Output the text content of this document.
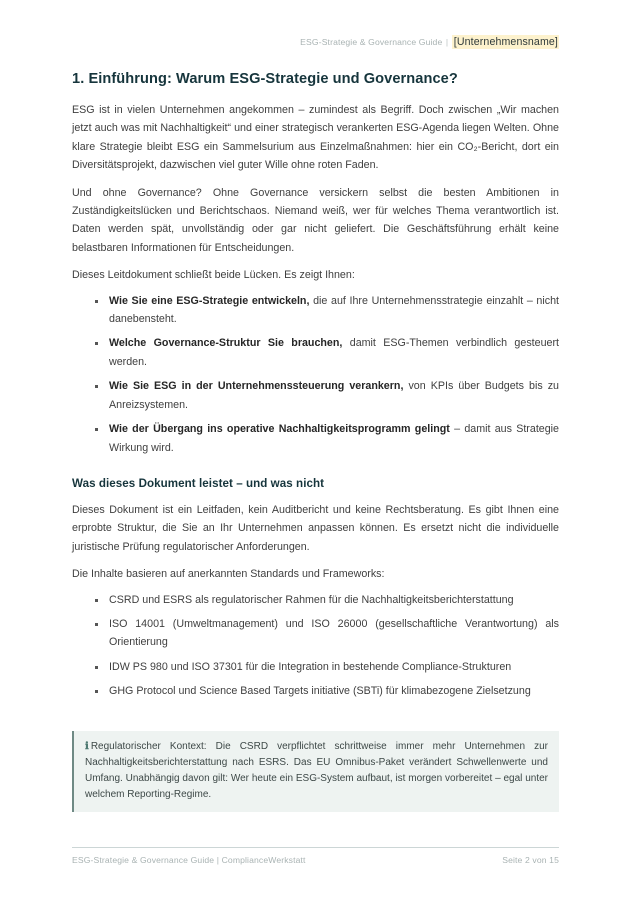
ESG-Strategie & Governance Guide | [Unternehmensname]
1. Einführung: Warum ESG-Strategie und Governance?

ESG ist in vielen Unternehmen angekommen – zumindest als Begriff. Doch zwischen „Wir machen jetzt auch was mit Nachhaltigkeit“ und einer strategisch verankerten ESG-Agenda liegen Welten. Ohne klare Strategie bleibt ESG ein Sammelsurium aus Einzelmaßnahmen: hier ein CO₂-Bericht, dort ein Diversitätsprojekt, dazwischen viel guter Wille ohne roten Faden.

Und ohne Governance? Ohne Governance versickern selbst die besten Ambitionen in Zuständigkeitslücken und Berichtschaos. Niemand weiß, wer für welches Thema verantwortlich ist. Daten werden spät, unvollständig oder gar nicht geliefert. Die Geschäftsführung erhält keine belastbaren Informationen für Entscheidungen.

Dieses Leitdokument schließt beide Lücken. Es zeigt Ihnen:

Wie Sie eine ESG-Strategie entwickeln, die auf Ihre Unternehmensstrategie einzahlt – nicht danebensteht.
Welche Governance-Struktur Sie brauchen, damit ESG-Themen verbindlich gesteuert werden.
Wie Sie ESG in der Unternehmenssteuerung verankern, von KPIs über Budgets bis zu Anreizsystemen.
Wie der Übergang ins operative Nachhaltigkeitsprogramm gelingt – damit aus Strategie Wirkung wird.
Was dieses Dokument leistet – und was nicht

Dieses Dokument ist ein Leitfaden, kein Auditbericht und keine Rechtsberatung. Es gibt Ihnen eine erprobte Struktur, die Sie an Ihr Unternehmen anpassen können. Es ersetzt nicht die individuelle juristische Prüfung regulatorischer Anforderungen.

Die Inhalte basieren auf anerkannten Standards und Frameworks:

CSRD und ESRS als regulatorischer Rahmen für die Nachhaltigkeitsberichterstattung
ISO 14001 (Umweltmanagement) und ISO 26000 (gesellschaftliche Verantwortung) als Orientierung
IDW PS 980 und ISO 37301 für die Integration in bestehende Compliance-Strukturen
GHG Protocol und Science Based Targets initiative (SBTi) für klimabezogene Zielsetzung
ℹ Regulatorischer Kontext: Die CSRD verpflichtet schrittweise immer mehr Unternehmen zur Nachhaltigkeitsberichterstattung nach ESRS. Das EU Omnibus-Paket verändert Schwellenwerte und Umfang. Unabhängig davon gilt: Wer heute ein ESG-System aufbaut, ist morgen vorbereitet – egal unter welchem Reporting-Regime.
ESG-Strategie & Governance Guide | ComplianceWerkstatt	Seite 2 von 15
